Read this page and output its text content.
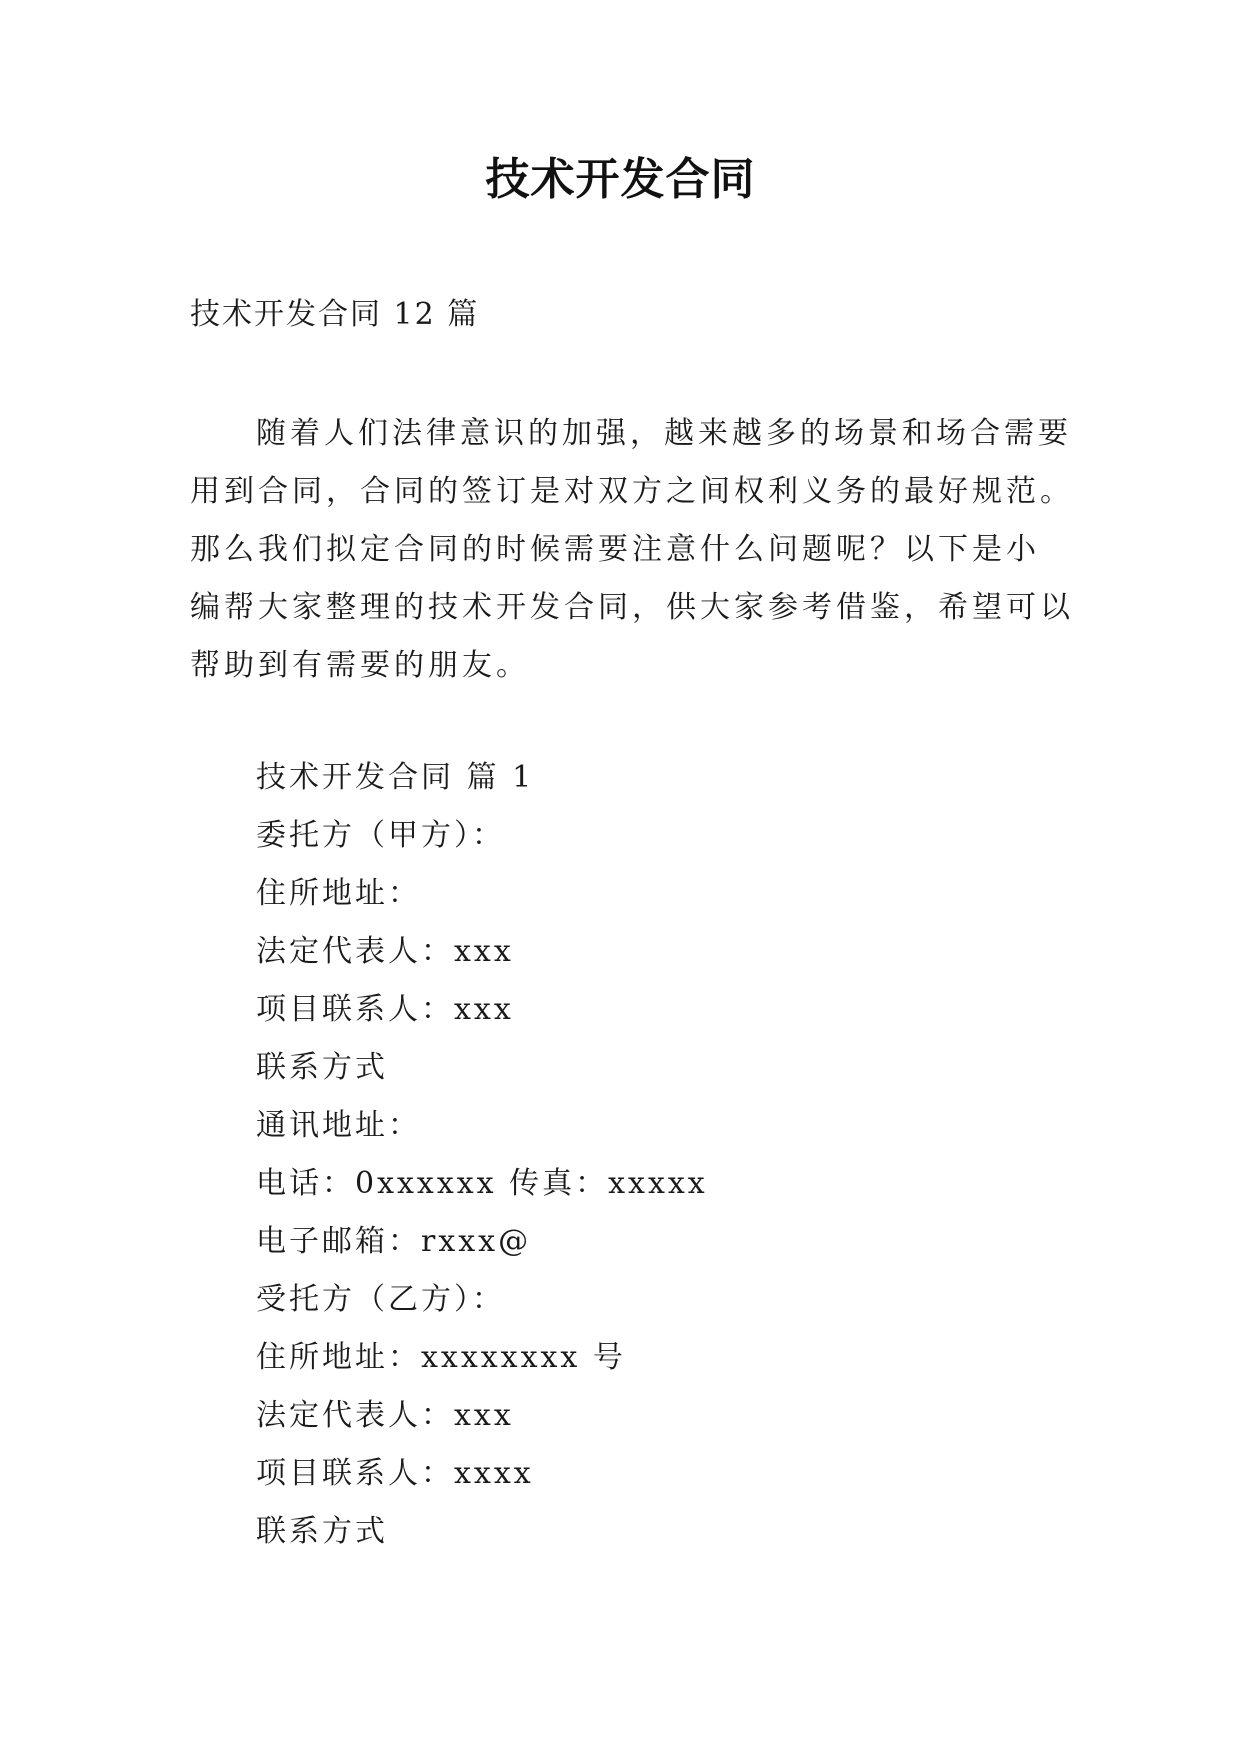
技术开发合同
技术开发合同 12 篇
随着人们法律意识的加强，越来越多的场景和场合需要
用到合同，合同的签订是对双方之间权利义务的最好规范。
那么我们拟定合同的时候需要注意什么问题呢？以下是小
编帮大家整理的技术开发合同，供大家参考借鉴，希望可以
帮助到有需要的朋友。
技术开发合同 篇 1
委托方（甲方）：
住所地址：
法定代表人：xxx
项目联系人：xxx
联系方式
通讯地址：
电话：0xxxxxx 传真：xxxxx
电子邮箱：rxxx@
受托方（乙方）：
住所地址：xxxxxxxx 号
法定代表人：xxx
项目联系人：xxxx
联系方式
